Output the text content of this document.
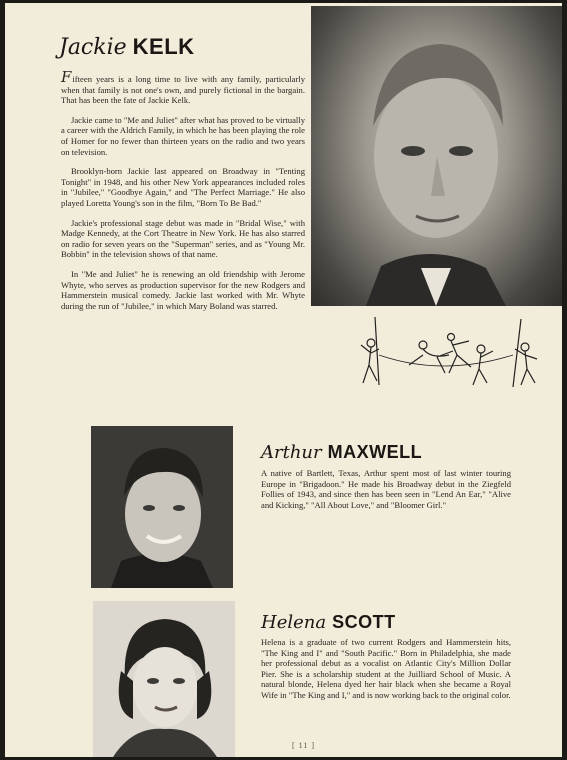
Jackie KELK

Fifteen years is a long time to live with any family, particularly when that family is not one's own, and purely fictional in the bargain. That has been the fate of Jackie Kelk.

Jackie came to "Me and Juliet" after what has proved to be virtually a career with the Aldrich Family, in which he has been playing the role of Homer for no fewer than thirteen years on the radio and two years on television.

Brooklyn-born Jackie last appeared on Broadway in "Tenting Tonight" in 1948, and his other New York appearances included roles in "Jubilee," "Goodbye Again," and "The Perfect Marriage." He also played Loretta Young's son in the film, "Born To Be Bad."

Jackie's professional stage debut was made in "Bridal Wise," with Madge Kennedy, at the Cort Theatre in New York. He has also starred on radio for seven years on the "Superman" series, and as "Young Mr. Bobbin" in the television shows of that name.

In "Me and Juliet" he is renewing an old friendship with Jerome Whyte, who serves as production supervisor for the new Rodgers and Hammerstein musical comedy. Jackie last worked with Mr. Whyte during the run of "Jubilee," in which Mary Boland was starred.

Arthur MAXWELL

A native of Bartlett, Texas, Arthur spent most of last winter touring Europe in "Brigadoon." He made his Broadway debut in the Ziegfeld Follies of 1943, and since then has been seen in "Lend An Ear," "Alive and Kicking," "All About Love," and "Bloomer Girl."

Helena SCOTT

Helena is a graduate of two current Rodgers and Hammerstein hits, "The King and I" and "South Pacific." Born in Philadelphia, she made her professional debut as a vocalist on Atlantic City's Million Dollar Pier. She is a scholarship student at the Juilliard School of Music. A natural blonde, Helena dyed her hair black when she became a Royal Wife in "The King and I," and is now working back to the original color.

[ 11 ]
